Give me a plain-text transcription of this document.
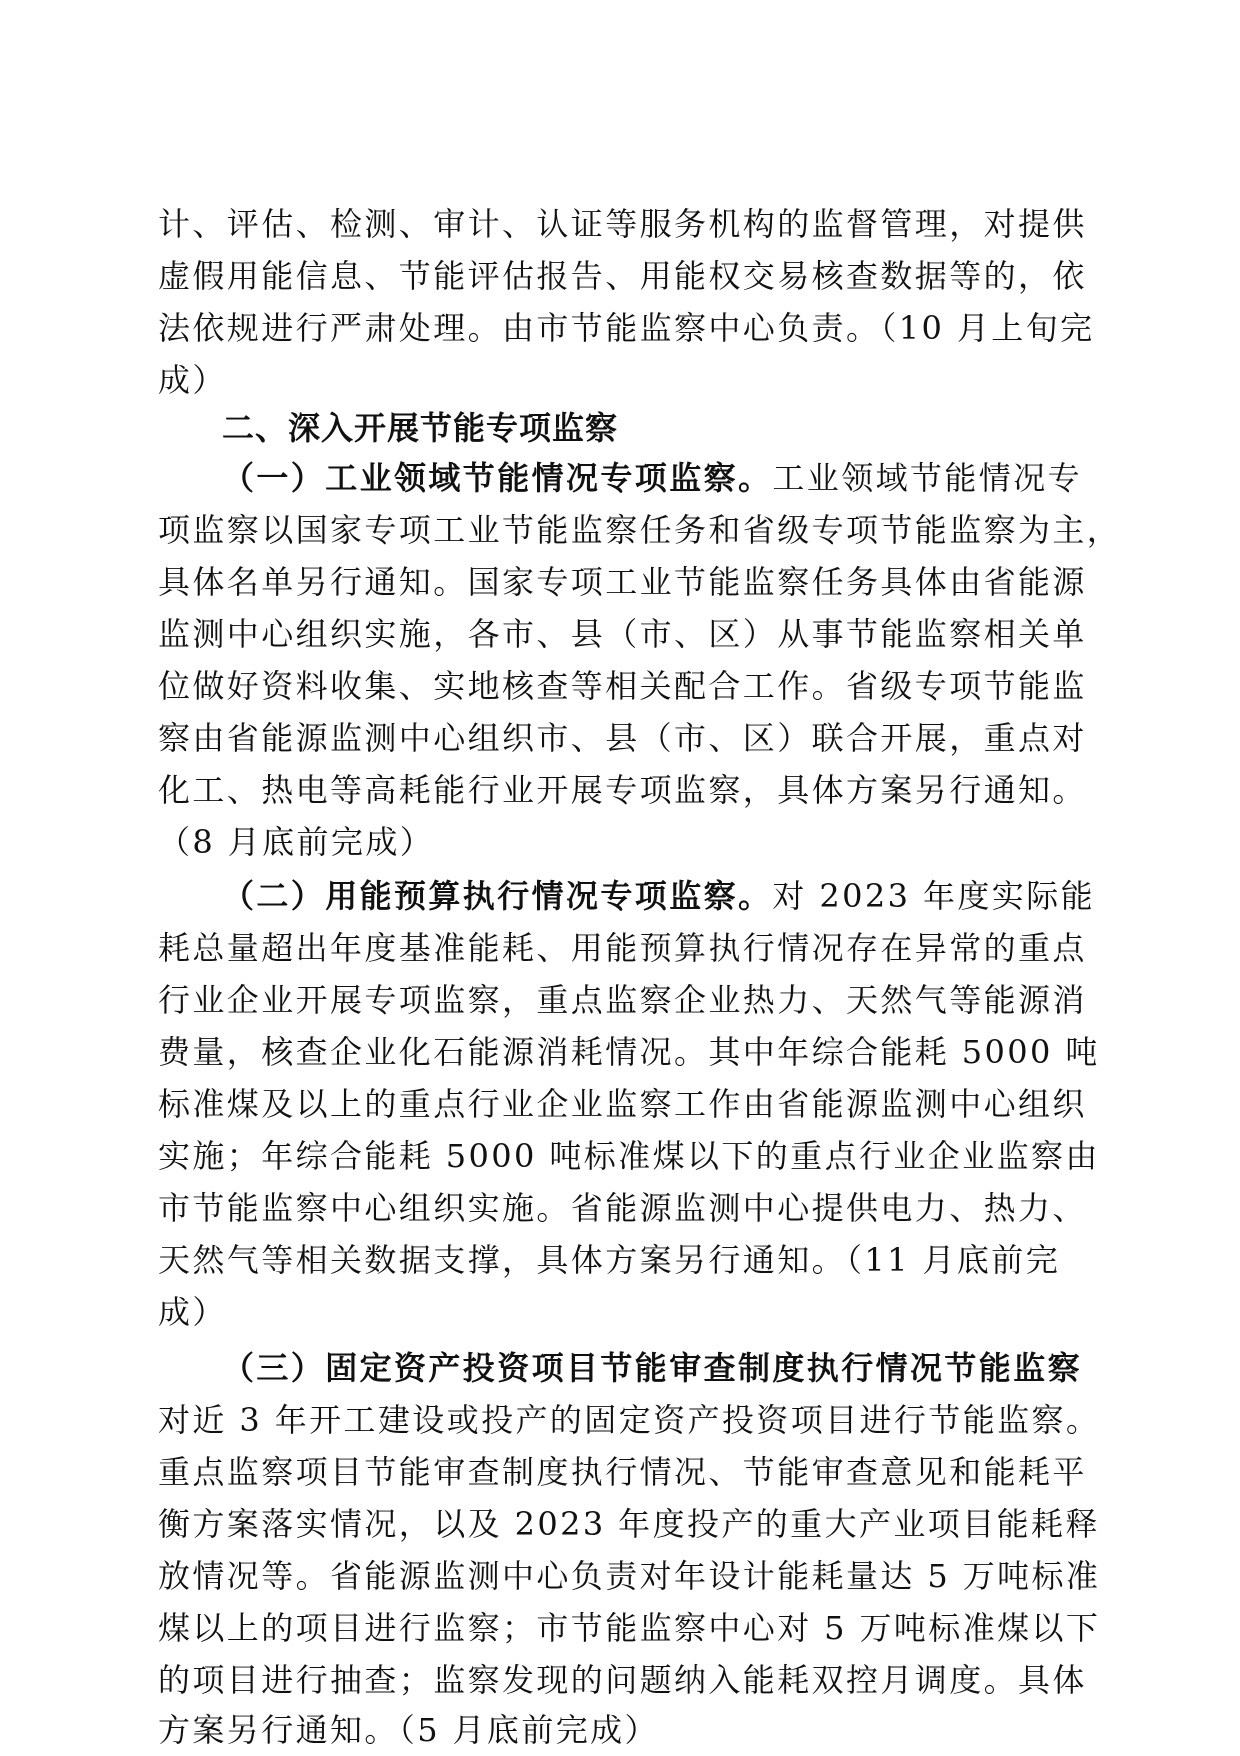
计、评估、检测、审计、认证等服务机构的监督管理，对提供
虚假用能信息、节能评估报告、用能权交易核查数据等的，依
法依规进行严肃处理。由市节能监察中心负责。（10 月上旬完
成）
二、深入开展节能专项监察
（一）工业领域节能情况专项监察。工业领域节能情况专
项监察以国家专项工业节能监察任务和省级专项节能监察为主，
具体名单另行通知。国家专项工业节能监察任务具体由省能源
监测中心组织实施，各市、县（市、区）从事节能监察相关单
位做好资料收集、实地核查等相关配合工作。省级专项节能监
察由省能源监测中心组织市、县（市、区）联合开展，重点对
化工、热电等高耗能行业开展专项监察，具体方案另行通知。
（8 月底前完成）
（二）用能预算执行情况专项监察。对 2023 年度实际能
耗总量超出年度基准能耗、用能预算执行情况存在异常的重点
行业企业开展专项监察，重点监察企业热力、天然气等能源消
费量，核查企业化石能源消耗情况。其中年综合能耗 5000 吨
标准煤及以上的重点行业企业监察工作由省能源监测中心组织
实施；年综合能耗 5000 吨标准煤以下的重点行业企业监察由
市节能监察中心组织实施。省能源监测中心提供电力、热力、
天然气等相关数据支撑，具体方案另行通知。（11 月底前完
成）
（三）固定资产投资项目节能审查制度执行情况节能监察
对近 3 年开工建设或投产的固定资产投资项目进行节能监察。
重点监察项目节能审查制度执行情况、节能审查意见和能耗平
衡方案落实情况，以及 2023 年度投产的重大产业项目能耗释
放情况等。省能源监测中心负责对年设计能耗量达 5 万吨标准
煤以上的项目进行监察；市节能监察中心对 5 万吨标准煤以下
的项目进行抽查；监察发现的问题纳入能耗双控月调度。具体
方案另行通知。（5 月底前完成）
